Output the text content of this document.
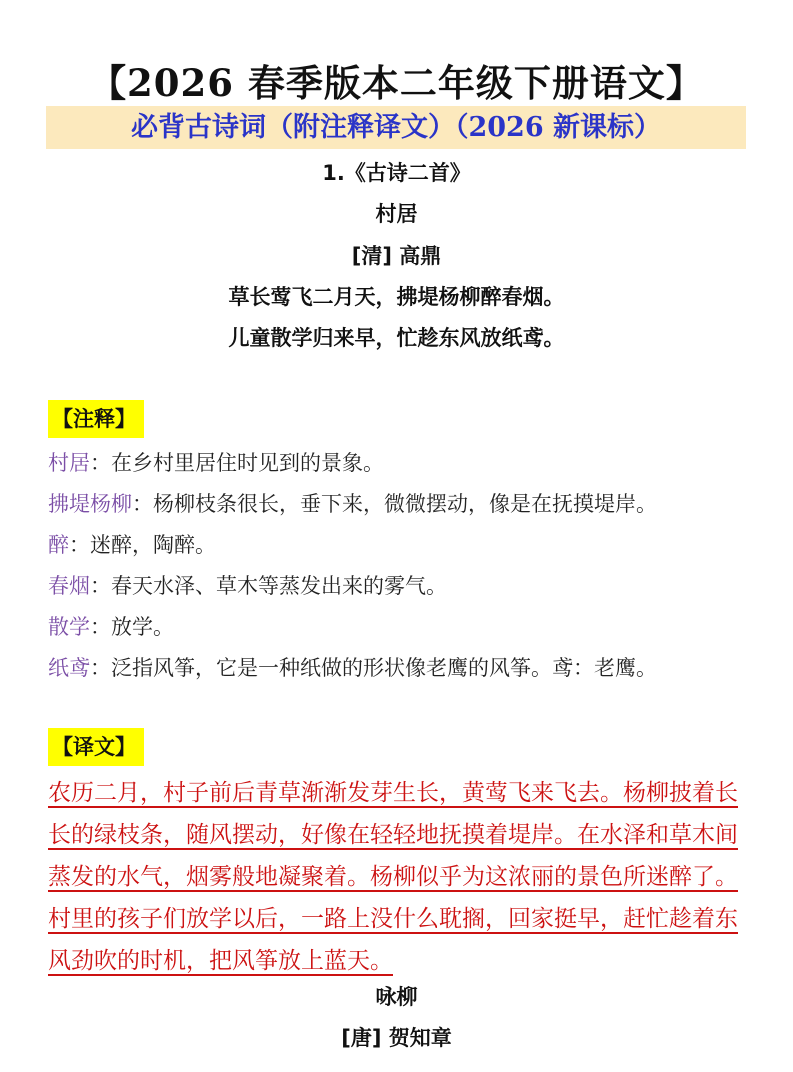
【2026 春季版本二年级下册语文】
必背古诗词（附注释译文）（2026 新课标）
1.《古诗二首》
村居
[清] 高鼎
草长莺飞二月天，拂堤杨柳醉春烟。
儿童散学归来早，忙趁东风放纸鸢。
【注释】
村居：在乡村里居住时见到的景象。
拂堤杨柳：杨柳枝条很长，垂下来，微微摆动，像是在抚摸堤岸。
醉：迷醉，陶醉。
春烟：春天水泽、草木等蒸发出来的雾气。
散学：放学。
纸鸢：泛指风筝，它是一种纸做的形状像老鹰的风筝。鸢：老鹰。
【译文】
农历二月，村子前后青草渐渐发芽生长，黄莺飞来飞去。杨柳披着长长的绿枝条，随风摆动，好像在轻轻地抚摸着堤岸。在水泽和草木间蒸发的水气，烟雾般地凝聚着。杨柳似乎为这浓丽的景色所迷醉了。村里的孩子们放学以后，一路上没什么耽搁，回家挺早，赶忙趁着东风劲吹的时机，把风筝放上蓝天。
咏柳
[唐] 贺知章
